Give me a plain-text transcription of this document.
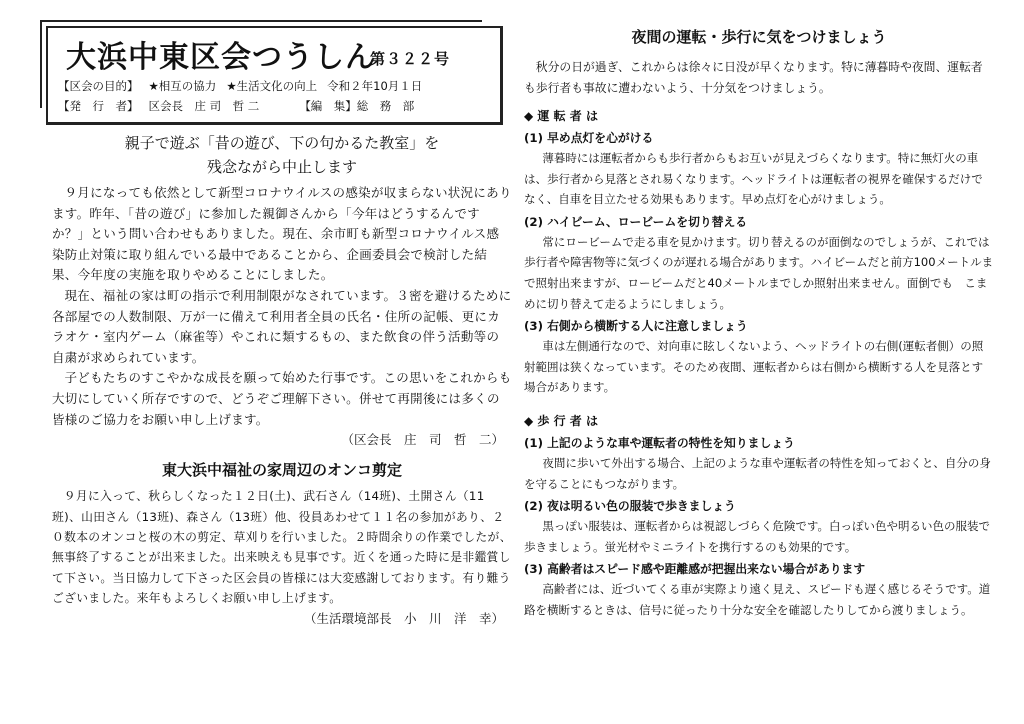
大浜中東区会つうしん
第３２２号
【区会の目的】 ★相互の協力 ★生活文化の向上 令和２年10月１日
【発　行　者】 区会長　庄 司　哲 二	【編　集】総　務　部
親子で遊ぶ「昔の遊び、下の句かるた教室」を
残念ながら中止します

９月になっても依然として新型コロナウイルスの感染が収まらない状況にあります。昨年、「昔の遊び」に参加した親御さんから「今年はどうするんですか？」という問い合わせもありました。現在、余市町も新型コロナウイルス感染防止対策に取り組んでいる最中であることから、企画委員会で検討した結果、今年度の実施を取りやめることにしました。

現在、福祉の家は町の指示で利用制限がなされています。３密を避けるために各部屋での人数制限、万が一に備えて利用者全員の氏名・住所の記帳、更にカラオケ・室内ゲーム（麻雀等）やこれに類するもの、また飲食の伴う活動等の自粛が求められています。

子どもたちのすこやかな成長を願って始めた行事です。この思いをこれからも大切にしていく所存ですので、どうぞご理解下さい。併せて再開後には多くの皆様のご協力をお願い申し上げます。

（区会長　庄　司　哲　二）

東大浜中福祉の家周辺のオンコ剪定

９月に入って、秋らしくなった１２日(土)、武石さん（14班)、土開さん（11班)、山田さん（13班)、森さん（13班）他、役員あわせて１１名の参加があり、２０数本のオンコと桜の木の剪定、草刈りを行いました。２時間余りの作業でしたが、無事終了することが出来ました。出来映えも見事です。近くを通った時に是非鑑賞して下さい。当日協力して下さった区会員の皆様には大変感謝しております。有り難うございました。来年もよろしくお願い申し上げます。

（生活環境部長　小　川　洋　幸）

夜間の運転・歩行に気をつけましょう

秋分の日が過ぎ、これからは徐々に日没が早くなります。特に薄暮時や夜間、運転者も歩行者も事故に遭わないよう、十分気をつけましょう。

◆ 運 転 者 は

(1) 早め点灯を心がける

薄暮時には運転者からも歩行者からもお互いが見えづらくなります。特に無灯火の車は、歩行者から見落とされ易くなります。ヘッドライトは運転者の視界を確保するだけでなく、自車を目立たせる効果もあります。早め点灯を心がけましょう。

(2) ハイビーム、ロービームを切り替える

常にロービームで走る車を見かけます。切り替えるのが面倒なのでしょうが、これでは歩行者や障害物等に気づくのが遅れる場合があります。ハイビームだと前方100メートルまで照射出来ますが、ロービームだと40メートルまでしか照射出来ません。面倒でも　こまめに切り替えて走るようにしましょう。

(3) 右側から横断する人に注意しましょう

車は左側通行なので、対向車に眩しくないよう、ヘッドライトの右側(運転者側）の照射範囲は狭くなっています。そのため夜間、運転者からは右側から横断する人を見落とす場合があります。

◆ 歩 行 者 は

(1) 上記のような車や運転者の特性を知りましょう

夜間に歩いて外出する場合、上記のような車や運転者の特性を知っておくと、自分の身を守ることにもつながります。

(2) 夜は明るい色の服装で歩きましょう

黒っぽい服装は、運転者からは視認しづらく危険です。白っぽい色や明るい色の服装で歩きましょう。蛍光材やミニライトを携行するのも効果的です。

(3) 高齢者はスピード感や距離感が把握出来ない場合があります

高齢者には、近づいてくる車が実際より遠く見え、スピードも遅く感じるそうです。道路を横断するときは、信号に従ったり十分な安全を確認したりしてから渡りましょう。
